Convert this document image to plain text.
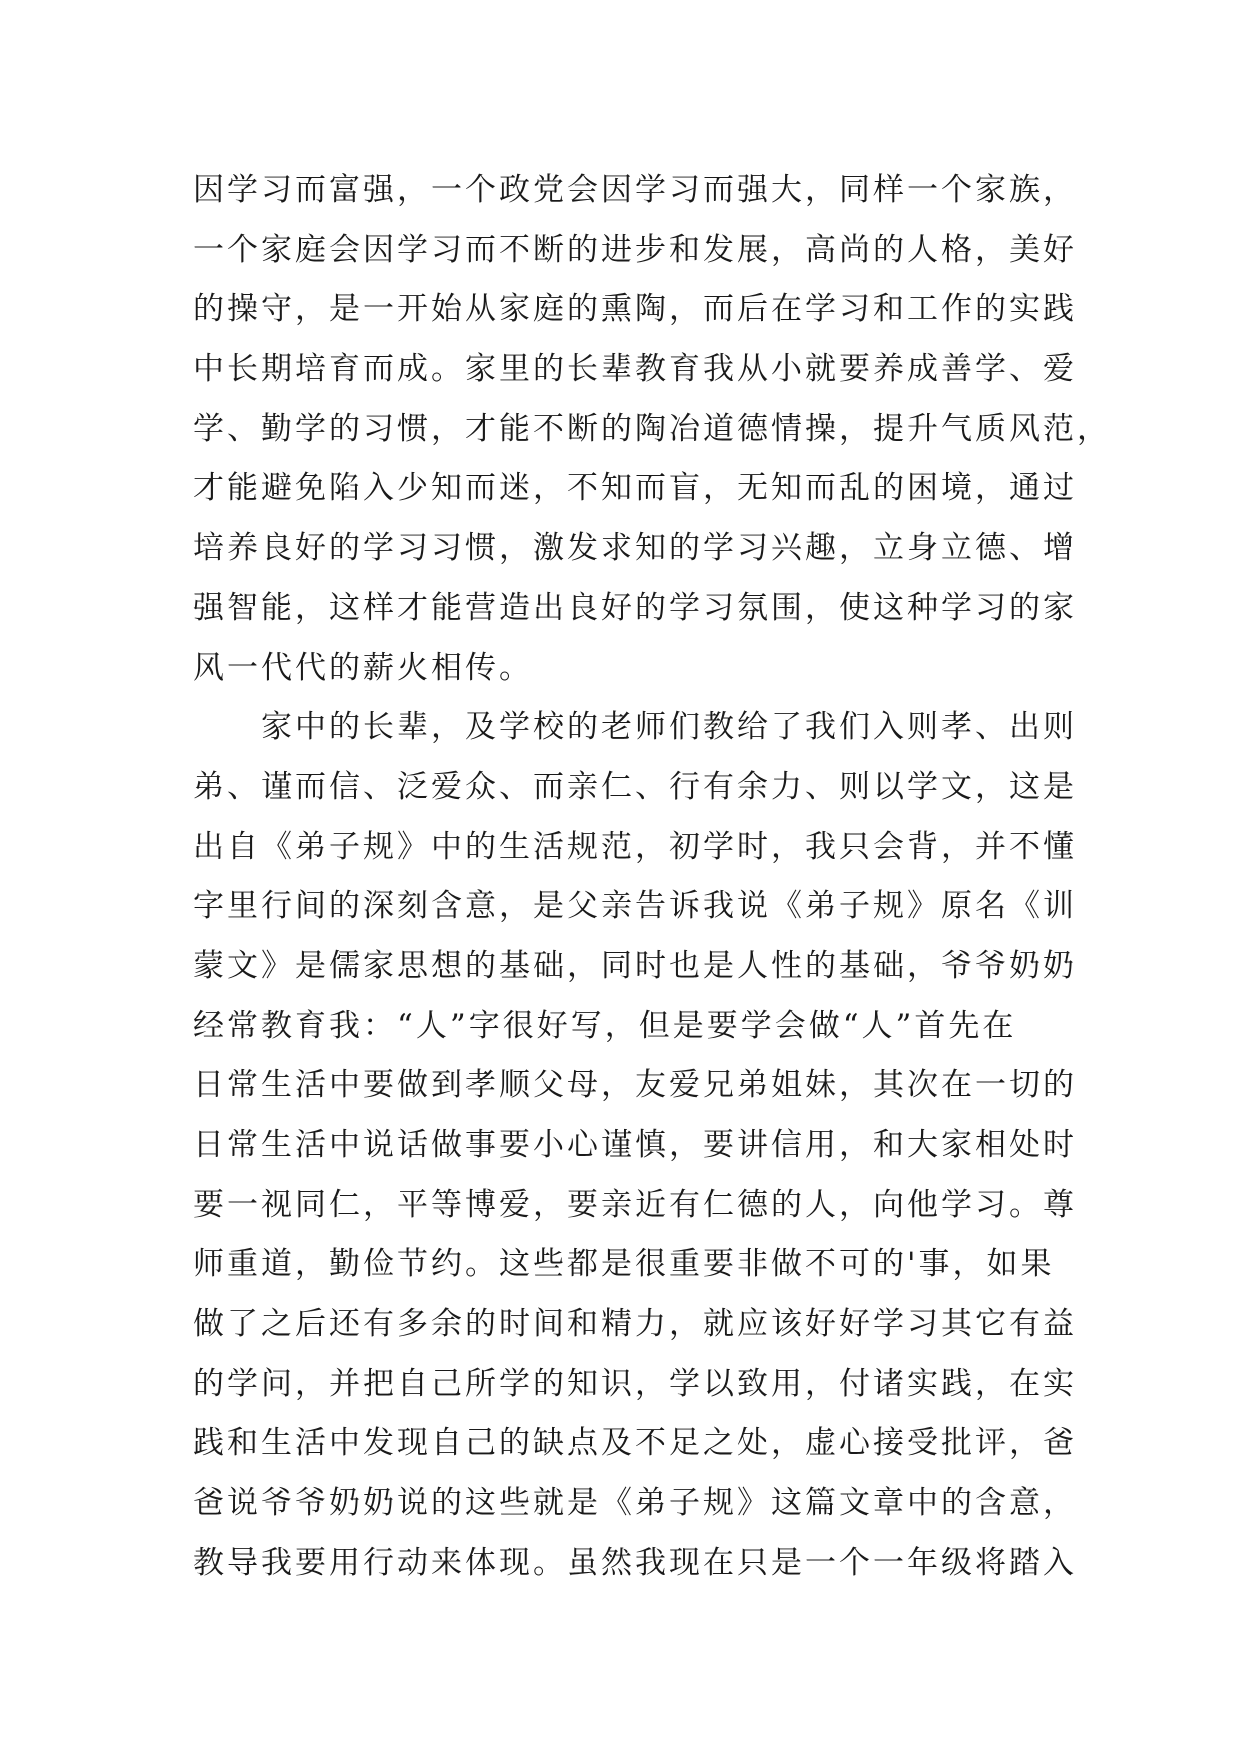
因学习而富强，一个政党会因学习而强大，同样一个家族，
一个家庭会因学习而不断的进步和发展，高尚的人格，美好
的操守，是一开始从家庭的熏陶，而后在学习和工作的实践
中长期培育而成。家里的长辈教育我从小就要养成善学、爱
学、勤学的习惯，才能不断的陶冶道德情操，提升气质风范，
才能避免陷入少知而迷，不知而盲，无知而乱的困境，通过
培养良好的学习习惯，激发求知的学习兴趣，立身立德、增
强智能，这样才能营造出良好的学习氛围，使这种学习的家
风一代代的薪火相传。
　　家中的长辈，及学校的老师们教给了我们入则孝、出则
弟、谨而信、泛爱众、而亲仁、行有余力、则以学文，这是
出自《弟子规》中的生活规范，初学时，我只会背，并不懂
字里行间的深刻含意，是父亲告诉我说《弟子规》原名《训
蒙文》是儒家思想的基础，同时也是人性的基础，爷爷奶奶
经常教育我：“人”字很好写，但是要学会做“人”首先在
日常生活中要做到孝顺父母，友爱兄弟姐妹，其次在一切的
日常生活中说话做事要小心谨慎，要讲信用，和大家相处时
要一视同仁，平等博爱，要亲近有仁德的人，向他学习。尊
师重道，勤俭节约。这些都是很重要非做不可的'事，如果
做了之后还有多余的时间和精力，就应该好好学习其它有益
的学问，并把自己所学的知识，学以致用，付诸实践，在实
践和生活中发现自己的缺点及不足之处，虚心接受批评，爸
爸说爷爷奶奶说的这些就是《弟子规》这篇文章中的含意，
教导我要用行动来体现。虽然我现在只是一个一年级将踏入
